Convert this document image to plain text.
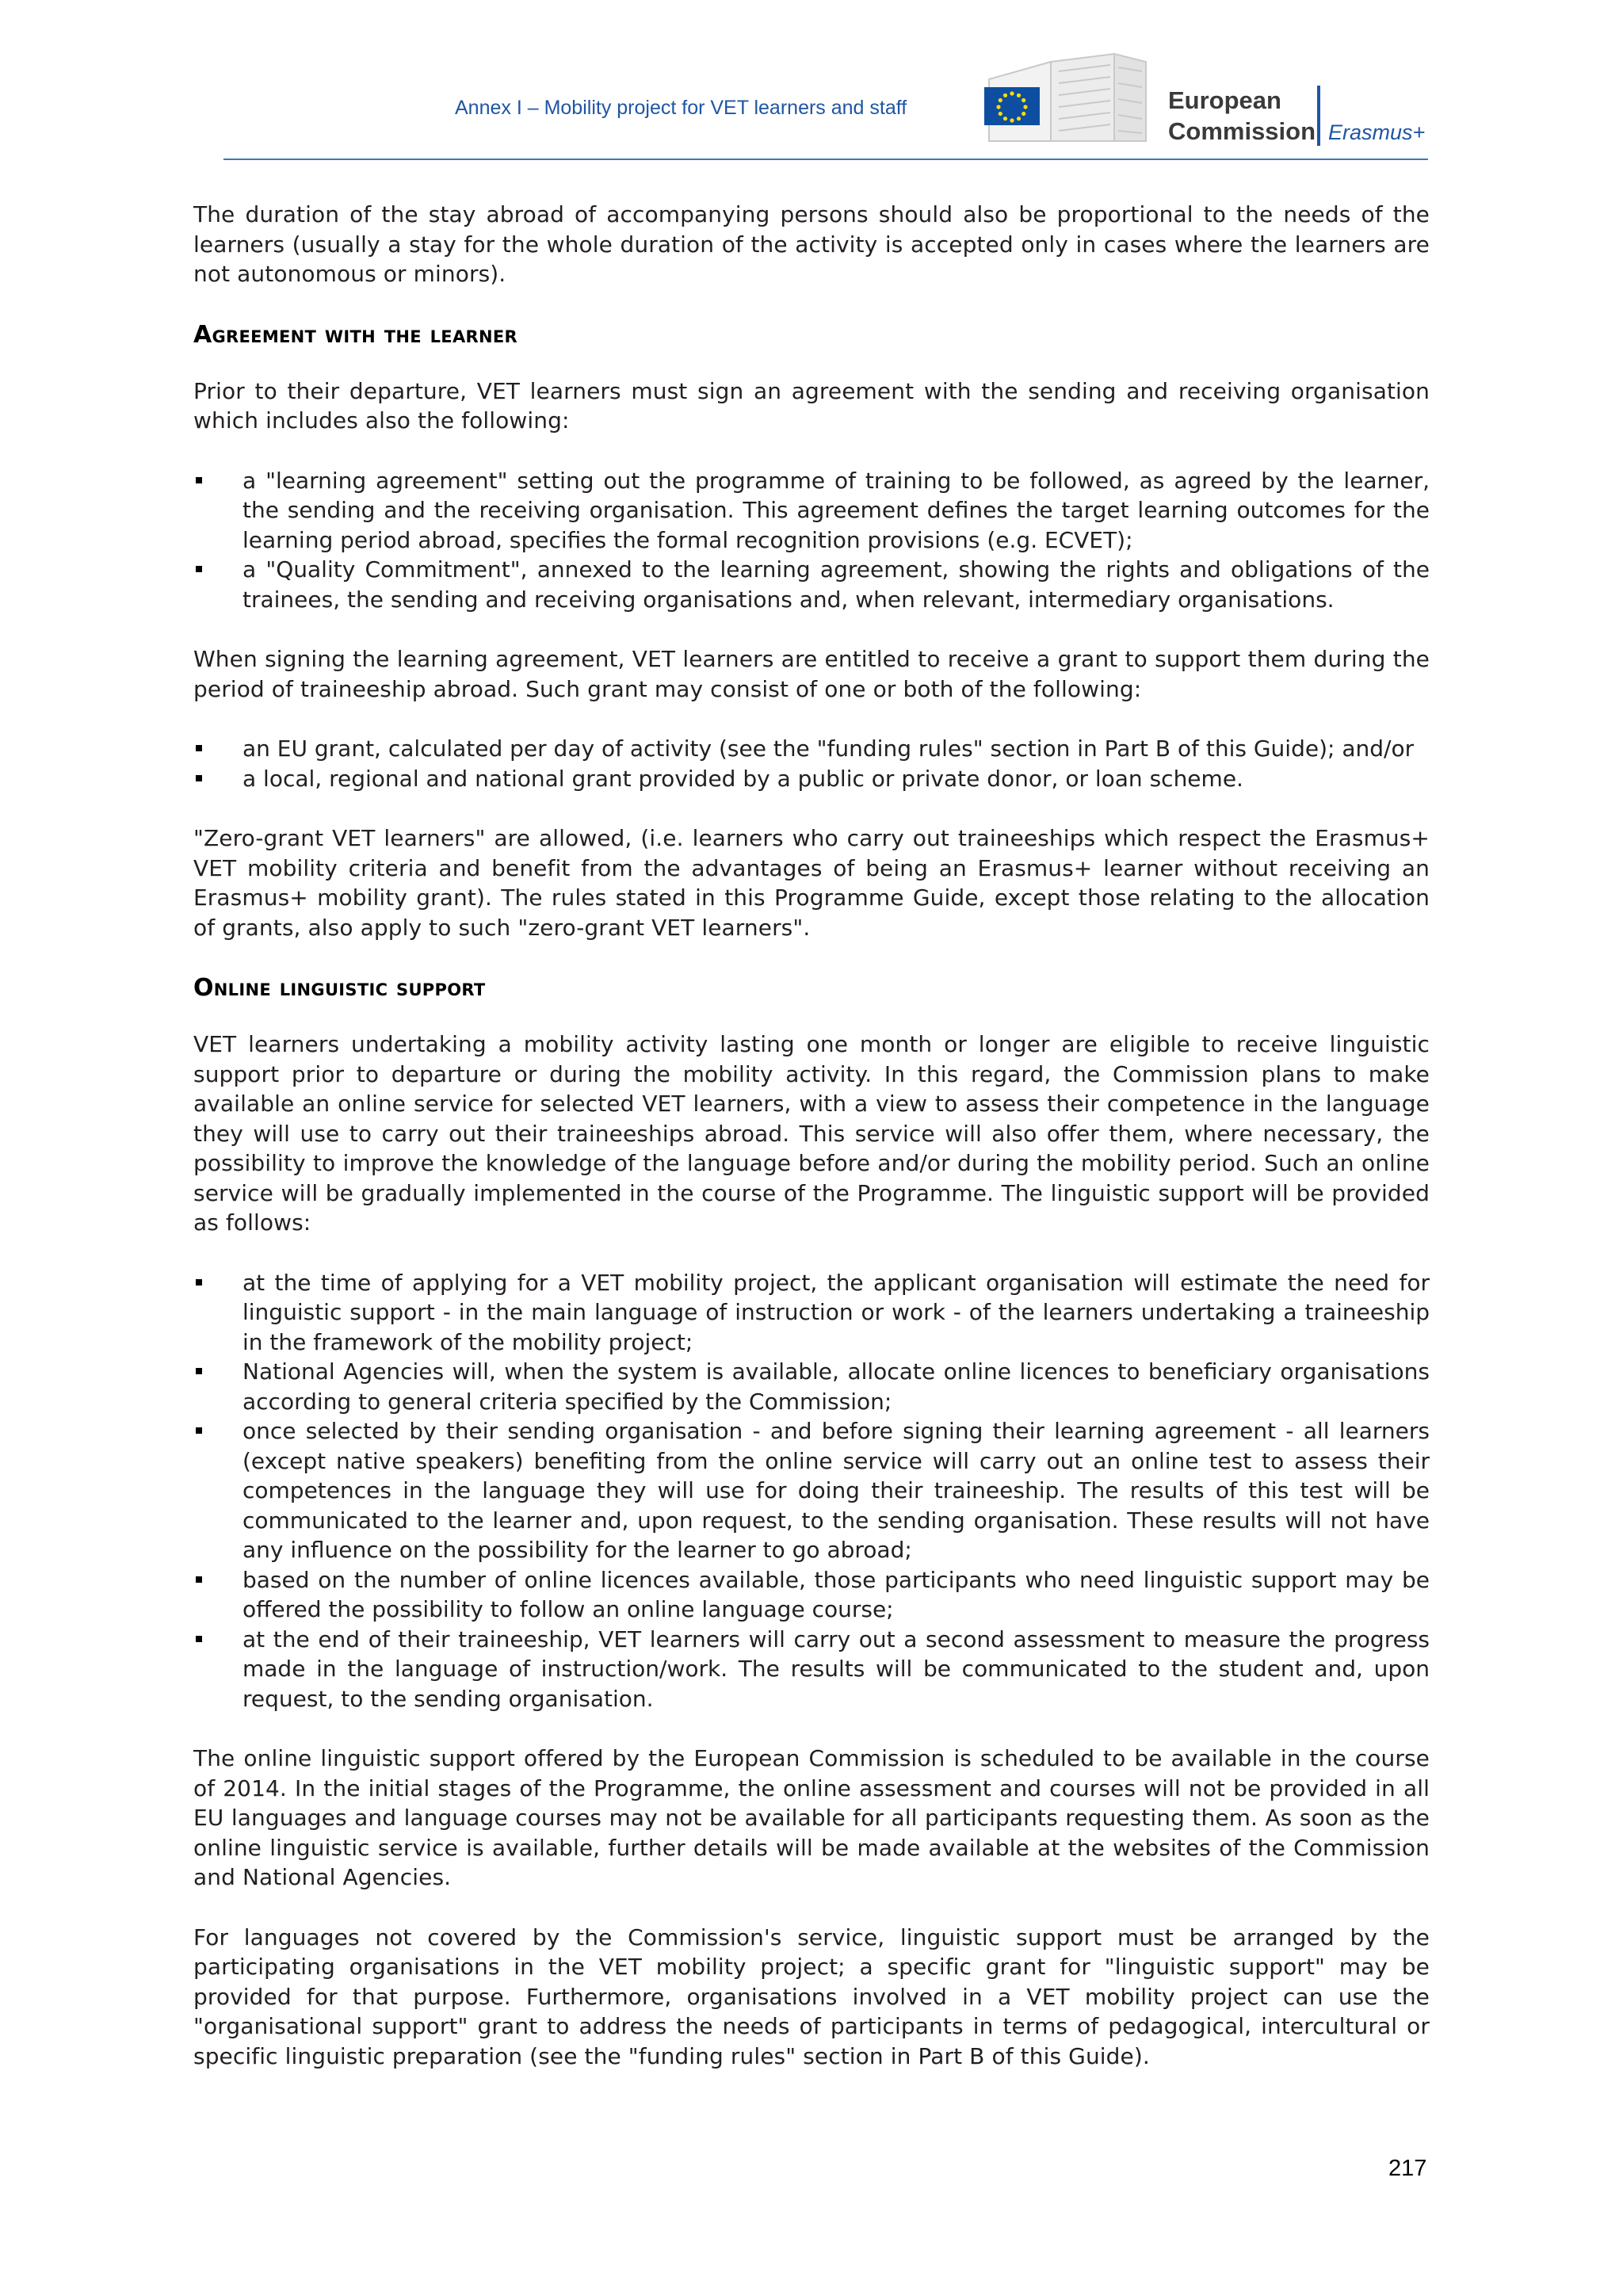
Annex I – Mobility project for VET learners and staff	European
Commission Erasmus+

The duration of the stay abroad of accompanying persons should also be proportional to the needs of the learners (usually a stay for the whole duration of the activity is accepted only in cases where the learners are not autonomous or minors).

Agreement with the learner

Prior to their departure, VET learners must sign an agreement with the sending and receiving organisation which includes also the following:

a "learning agreement" setting out the programme of training to be followed, as agreed by the learner, the sending and the receiving organisation. This agreement defines the target learning outcomes for the learning period abroad, specifies the formal recognition provisions (e.g. ECVET);
a "Quality Commitment", annexed to the learning agreement, showing the rights and obligations of the trainees, the sending and receiving organisations and, when relevant, intermediary organisations.

When signing the learning agreement, VET learners are entitled to receive a grant to support them during the period of traineeship abroad. Such grant may consist of one or both of the following:

an EU grant, calculated per day of activity (see the "funding rules" section in Part B of this Guide); and/or
a local, regional and national grant provided by a public or private donor, or loan scheme.

"Zero-grant VET learners" are allowed, (i.e. learners who carry out traineeships which respect the Erasmus+ VET mobility criteria and benefit from the advantages of being an Erasmus+ learner without receiving an Erasmus+ mobility grant). The rules stated in this Programme Guide, except those relating to the allocation of grants, also apply to such "zero-grant VET learners".

Online linguistic support

VET learners undertaking a mobility activity lasting one month or longer are eligible to receive linguistic support prior to departure or during the mobility activity. In this regard, the Commission plans to make available an online service for selected VET learners, with a view to assess their competence in the language they will use to carry out their traineeships abroad. This service will also offer them, where necessary, the possibility to improve the knowledge of the language before and/or during the mobility period. Such an online service will be gradually implemented in the course of the Programme. The linguistic support will be provided as follows:

at the time of applying for a VET mobility project, the applicant organisation will estimate the need for linguistic support - in the main language of instruction or work - of the learners undertaking a traineeship in the framework of the mobility project;
National Agencies will, when the system is available, allocate online licences to beneficiary organisations according to general criteria specified by the Commission;
once selected by their sending organisation - and before signing their learning agreement - all learners (except native speakers) benefiting from the online service will carry out an online test to assess their competences in the language they will use for doing their traineeship. The results of this test will be communicated to the learner and, upon request, to the sending organisation. These results will not have any influence on the possibility for the learner to go abroad;
based on the number of online licences available, those participants who need linguistic support may be offered the possibility to follow an online language course;
at the end of their traineeship, VET learners will carry out a second assessment to measure the progress made in the language of instruction/work. The results will be communicated to the student and, upon request, to the sending organisation.

The online linguistic support offered by the European Commission is scheduled to be available in the course of 2014. In the initial stages of the Programme, the online assessment and courses will not be provided in all EU languages and language courses may not be available for all participants requesting them. As soon as the online linguistic service is available, further details will be made available at the websites of the Commission and National Agencies.

For languages not covered by the Commission's service, linguistic support must be arranged by the participating organisations in the VET mobility project; a specific grant for "linguistic support" may be provided for that purpose. Furthermore, organisations involved in a VET mobility project can use the "organisational support" grant to address the needs of participants in terms of pedagogical, intercultural or specific linguistic preparation (see the "funding rules" section in Part B of this Guide).

217
